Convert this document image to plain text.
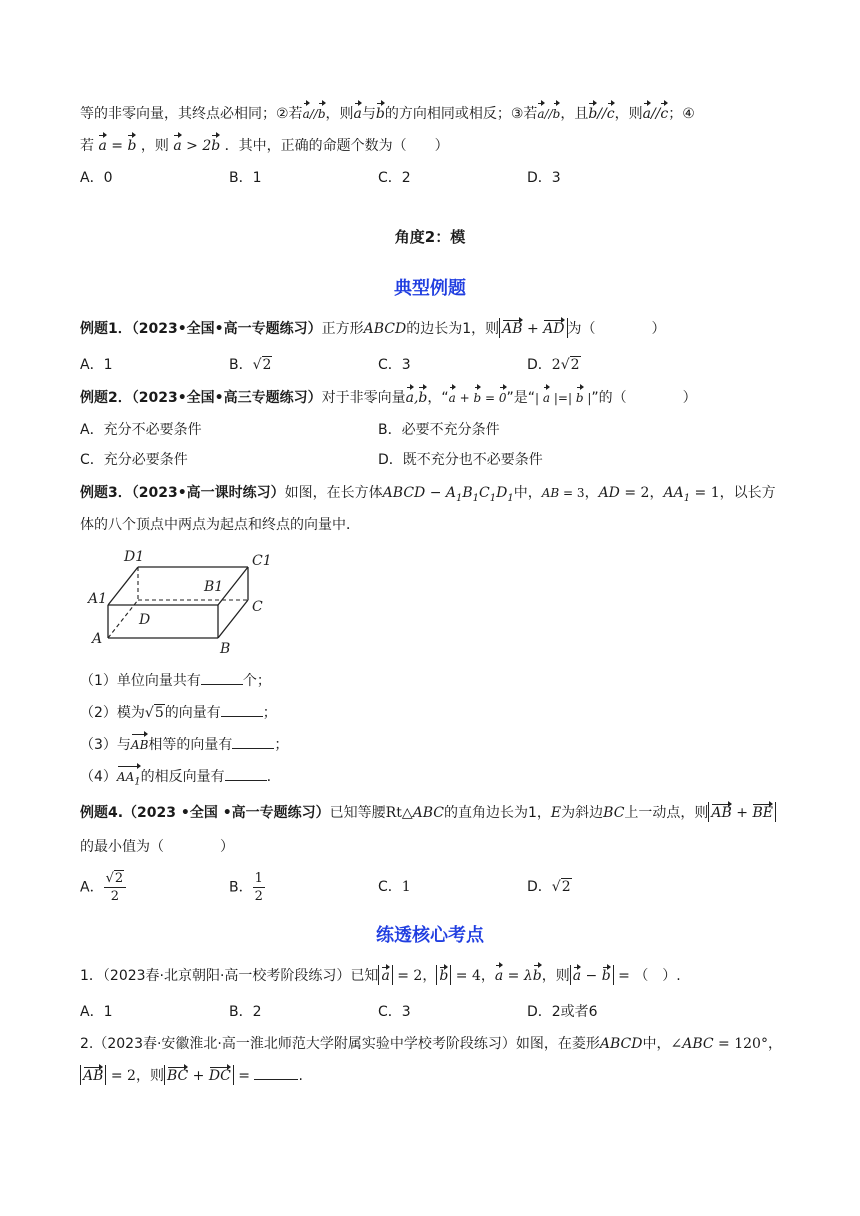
等的非零向量，其终点必相同；②若a//b，则a与b的方向相同或相反；③若a//b，且b//c，则a//c；④
若 a = b ，则 a > 2b ．其中，正确的命题个数为（　　）
A．0	B．1	C．2	D．3
角度2：模
典型例题
例题1．（2023•全国•高一专题练习）正方形ABCD的边长为1，则 AB + AD 为（　　　　）
A．1	B．√2	C．3	D．2√2
例题2．（2023•全国•高三专题练习）对于非零向量a,b，“a + b = 0”是“| a |=| b |”的（　　　　）
A．充分不必要条件	B．必要不充分条件
C．充分必要条件	D．既不充分也不必要条件
例题3．（2023•高一课时练习）如图，在长方体ABCD − $A_1B_1C_1D_1$中，AB = 3，AD = 2，$AA_1 = 1$，以长方
体的八个顶点中两点为起点和终点的向量中．
D1	C1
A1
B1
D
C
A
B
（1）单位向量共有	个；
（2）模为√5的向量有	；
（3）与AB相等的向量有	；
$(4)AA_1$的相反向量有	.
例题4.（2023 •全国 •高一专题练习）已知等腰Rt△ABC的直角边长为1，E为斜边BC上一动点，则 AB + BE
的最小值为（　　　　）
A． $\frac{√2}{2}$	B． $\frac{1}{2}$	C．1	D．√2
练透核心考点
1．（2023春·北京朝阳·高一校考阶段练习）已知 a = 2， b = 4，a = λb，则 a − b = （　）.
A．1	B．2	C．3	D．2或者6
2.（2023春·安徽淮北·高一淮北师范大学附属实验中学校考阶段练习）如图，在菱形ABCD中，∠ABC = 120°，
AB = 2，则 BC + DC =	.
